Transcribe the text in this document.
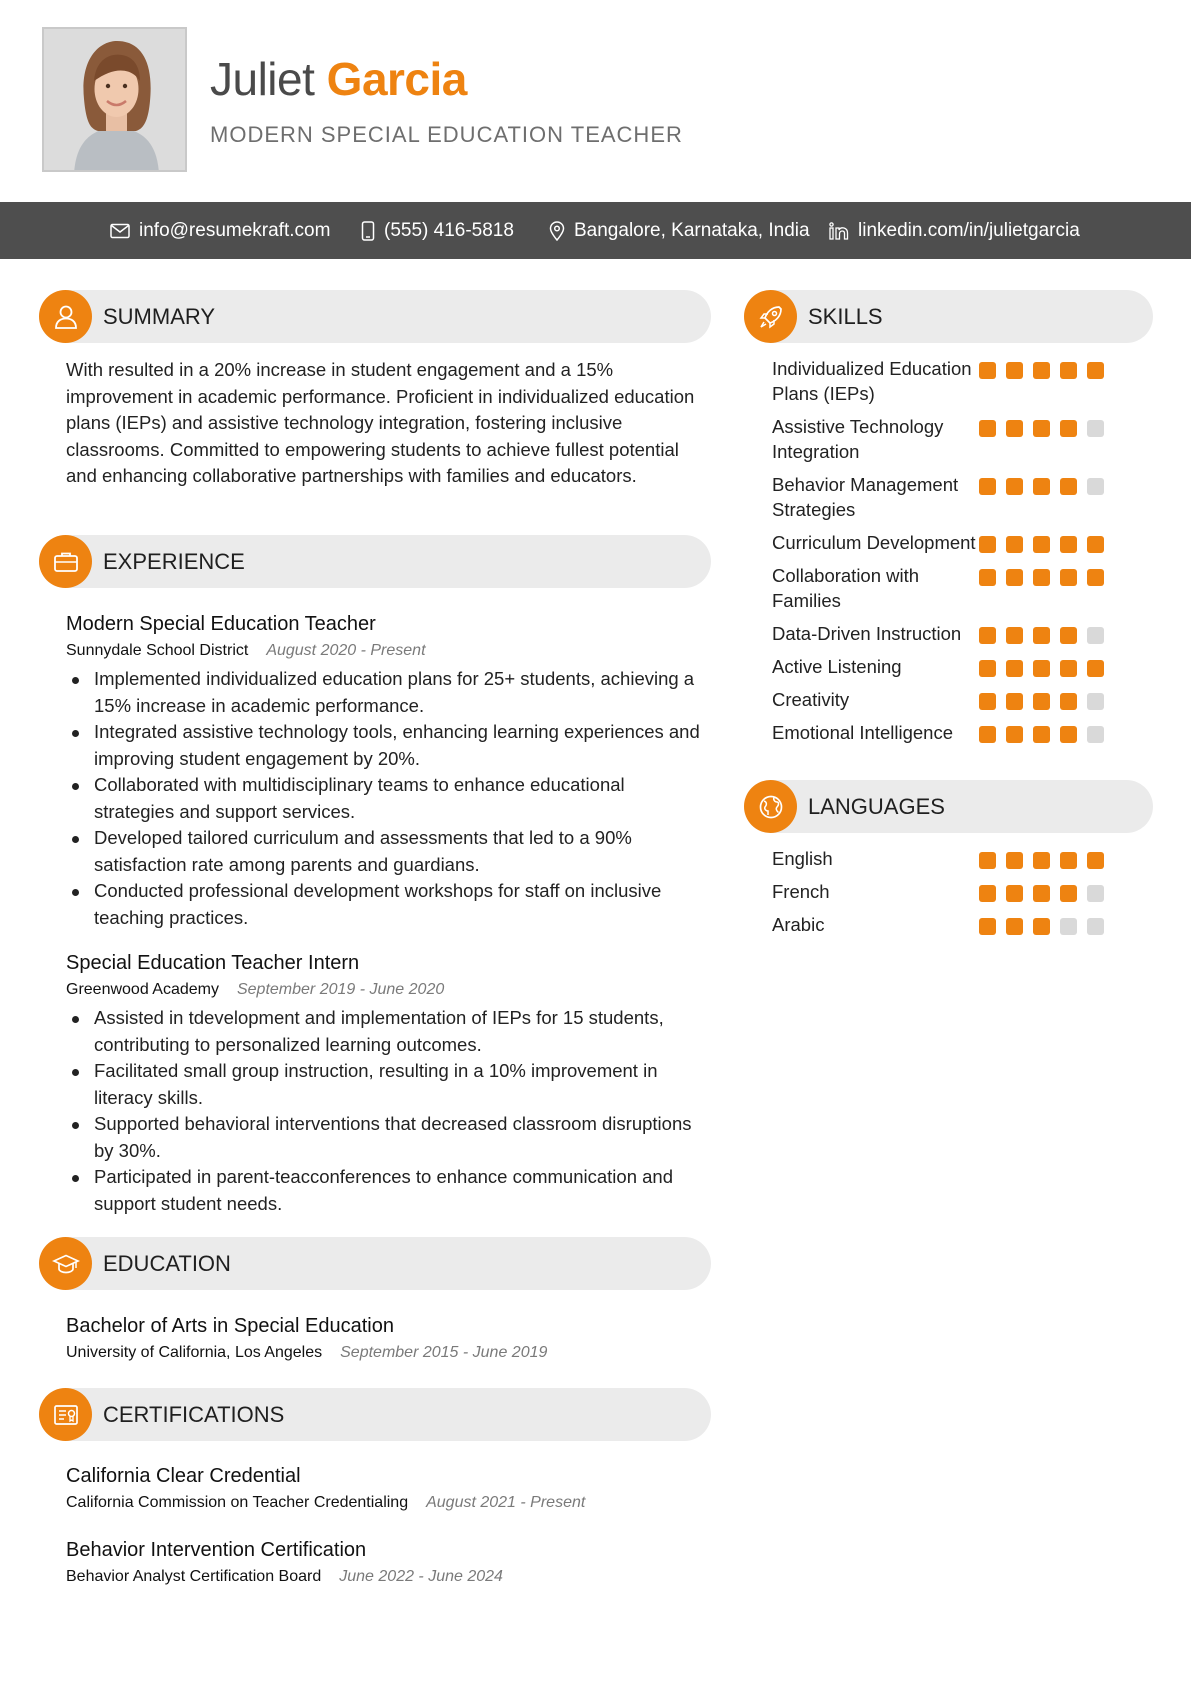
Juliet Garcia
MODERN SPECIAL EDUCATION TEACHER
info@resumekraft.com	(555) 416-5818	Bangalore, Karnataka, India	linkedin.com/in/julietgarcia
SUMMARY
With resulted in a 20% increase in student engagement and a 15% improvement in academic performance. Proficient in individualized education plans (IEPs) and assistive technology integration, fostering inclusive classrooms. Committed to empowering students to achieve fullest potential and enhancing collaborative partnerships with families and educators.
EXPERIENCE
Modern Special Education Teacher
Sunnydale School District August 2020 - Present
Implemented individualized education plans for 25+ students, achieving a 15% increase in academic performance.
Integrated assistive technology tools, enhancing learning experiences and improving student engagement by 20%.
Collaborated with multidisciplinary teams to enhance educational strategies and support services.
Developed tailored curriculum and assessments that led to a 90% satisfaction rate among parents and guardians.
Conducted professional development workshops for staff on inclusive teaching practices.
Special Education Teacher Intern
Greenwood Academy September 2019 - June 2020
Assisted in tdevelopment and implementation of IEPs for 15 students, contributing to personalized learning outcomes.
Facilitated small group instruction, resulting in a 10% improvement in literacy skills.
Supported behavioral interventions that decreased classroom disruptions by 30%.
Participated in parent-teacconferences to enhance communication and support student needs.
EDUCATION
Bachelor of Arts in Special Education
University of California, Los Angeles September 2015 - June 2019
CERTIFICATIONS
California Clear Credential
California Commission on Teacher Credentialing August 2021 - Present
Behavior Intervention Certification
Behavior Analyst Certification Board June 2022 - June 2024
SKILLS
Individualized Education Plans (IEPs)
Assistive Technology Integration
Behavior Management Strategies
Curriculum Development
Collaboration with Families
Data-Driven Instruction
Active Listening
Creativity
Emotional Intelligence
LANGUAGES
English
French
Arabic
